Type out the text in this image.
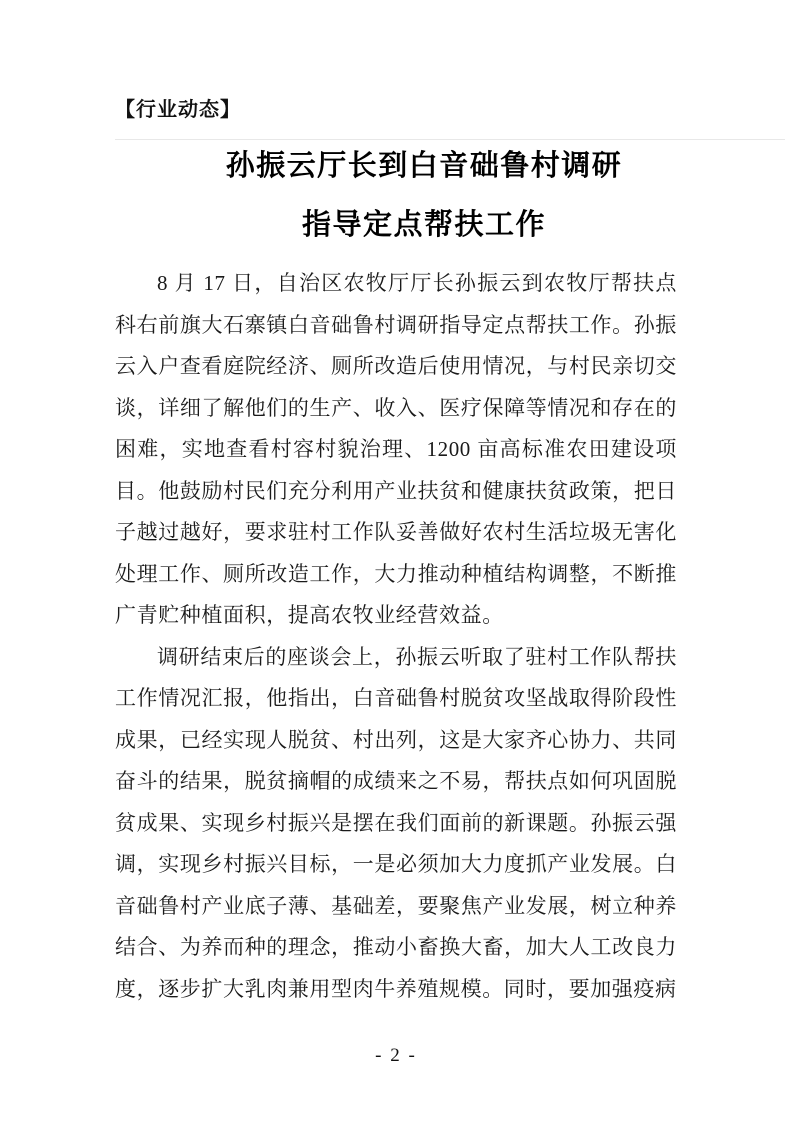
【行业动态】
孙振云厅长到白音础鲁村调研
指导定点帮扶工作

8 月 17 日，自治区农牧厅厅长孙振云到农牧厅帮扶点科右前旗大石寨镇白音础鲁村调研指导定点帮扶工作。孙振云入户查看庭院经济、厕所改造后使用情况，与村民亲切交谈，详细了解他们的生产、收入、医疗保障等情况和存在的困难，实地查看村容村貌治理、1200 亩高标准农田建设项目。他鼓励村民们充分利用产业扶贫和健康扶贫政策，把日子越过越好，要求驻村工作队妥善做好农村生活垃圾无害化处理工作、厕所改造工作，大力推动种植结构调整，不断推广青贮种植面积，提高农牧业经营效益。

调研结束后的座谈会上，孙振云听取了驻村工作队帮扶工作情况汇报，他指出，白音础鲁村脱贫攻坚战取得阶段性成果，已经实现人脱贫、村出列，这是大家齐心协力、共同奋斗的结果，脱贫摘帽的成绩来之不易，帮扶点如何巩固脱贫成果、实现乡村振兴是摆在我们面前的新课题。孙振云强调，实现乡村振兴目标，一是必须加大力度抓产业发展。白音础鲁村产业底子薄、基础差，要聚焦产业发展，树立种养结合、为养而种的理念，推动小畜换大畜，加大人工改良力度，逐步扩大乳肉兼用型肉牛养殖规模。同时，要加强疫病

- 2 -
